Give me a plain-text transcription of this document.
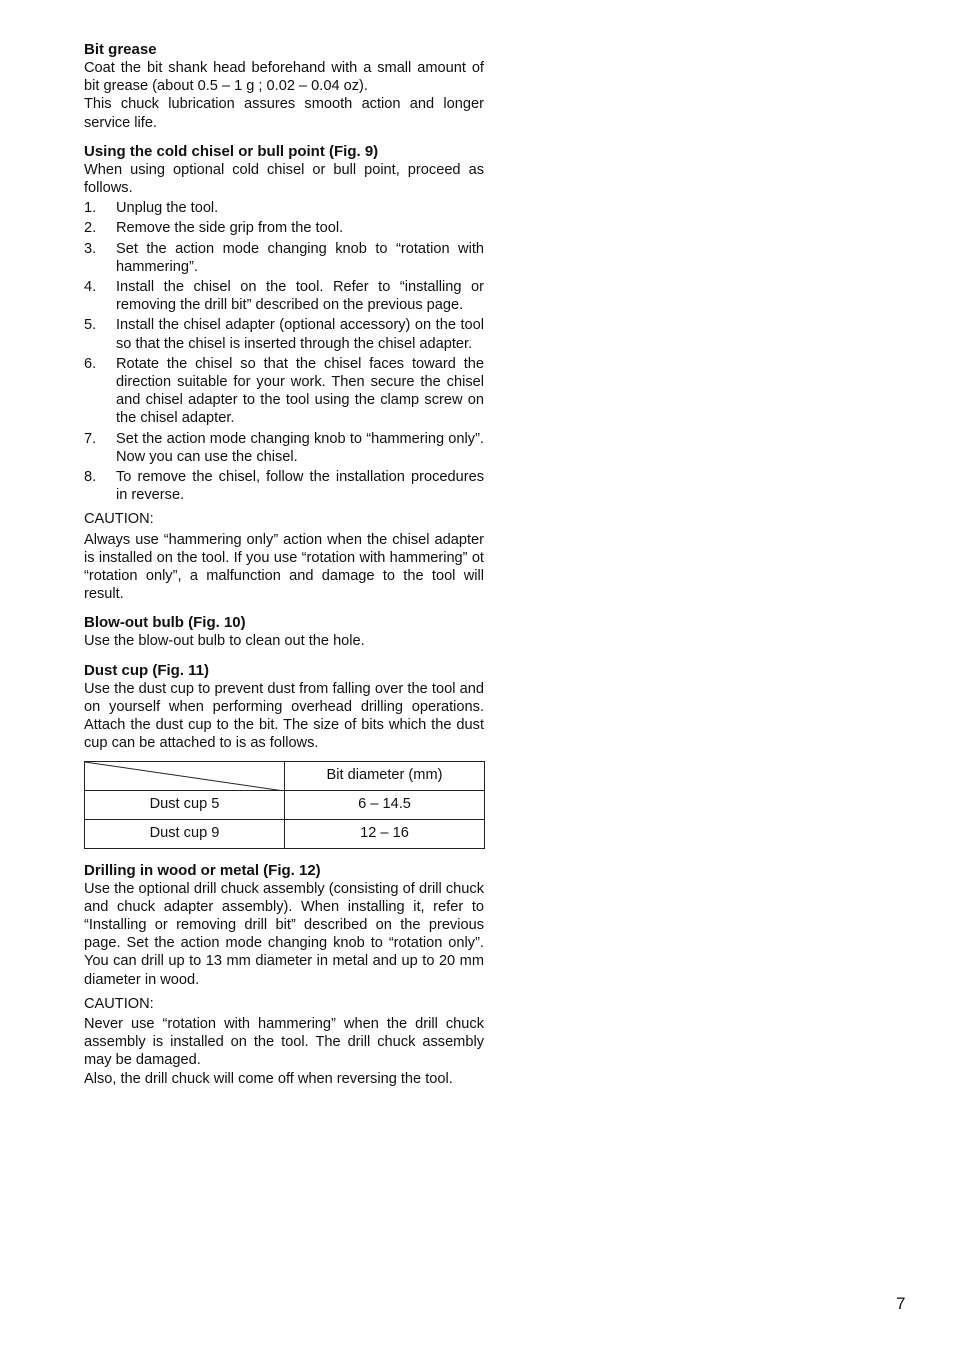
Bit grease

Coat the bit shank head beforehand with a small amount of bit grease (about 0.5 – 1 g ; 0.02 – 0.04 oz).

This chuck lubrication assures smooth action and longer service life.

Using the cold chisel or bull point (Fig. 9)

When using optional cold chisel or bull point, proceed as follows.

1.	Unplug the tool.
2.	Remove the side grip from the tool.
3.	Set the action mode changing knob to “rotation with hammering”.
4.	Install the chisel on the tool. Refer to “installing or removing the drill bit” described on the previous page.
5.	Install the chisel adapter (optional accessory) on the tool so that the chisel is inserted through the chisel adapter.
6.	Rotate the chisel so that the chisel faces toward the direction suitable for your work. Then secure the chisel and chisel adapter to the tool using the clamp screw on the chisel adapter.
7.	Set the action mode changing knob to “hammering only”. Now you can use the chisel.
8.	To remove the chisel, follow the installation procedures in reverse.

CAUTION:

Always use “hammering only” action when the chisel adapter is installed on the tool. If you use “rotation with hammering” ot “rotation only”, a malfunction and damage to the tool will result.

Blow-out bulb (Fig. 10)

Use the blow-out bulb to clean out the hole.

Dust cup (Fig. 11)

Use the dust cup to prevent dust from falling over the tool and on yourself when performing overhead drilling operations. Attach the dust cup to the bit. The size of bits which the dust cup can be attached to is as follows.

	Bit diameter (mm)
Dust cup 5	6 – 14.5
Dust cup 9	12 – 16
Drilling in wood or metal (Fig. 12)

Use the optional drill chuck assembly (consisting of drill chuck and chuck adapter assembly). When installing it, refer to “Installing or removing drill bit” described on the previous page. Set the action mode changing knob to “rotation only”. You can drill up to 13 mm diameter in metal and up to 20 mm diameter in wood.

CAUTION:

Never use “rotation with hammering” when the drill chuck assembly is installed on the tool. The drill chuck assembly may be damaged.

Also, the drill chuck will come off when reversing the tool.

7
